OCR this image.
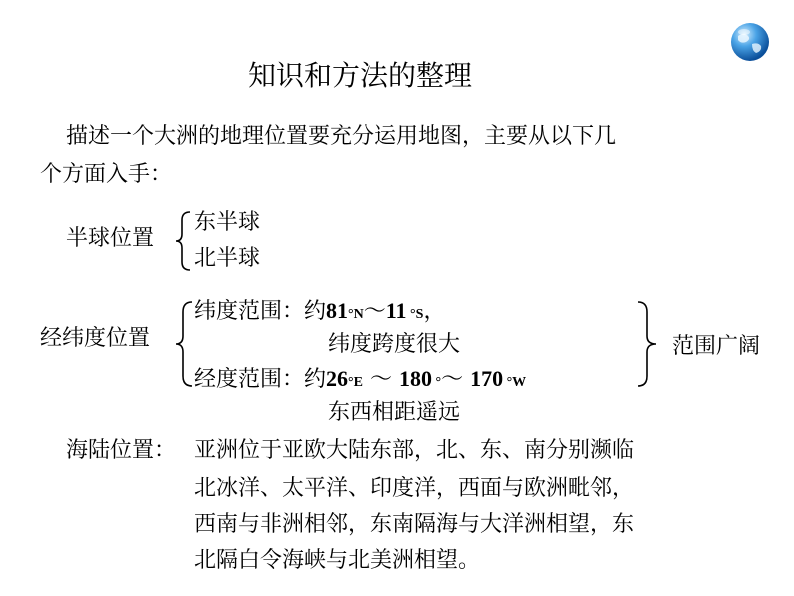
知识和方法的整理
描述一个大洲的地理位置要充分运用地图，主要从以下几
个方面入手：
半球位置
东半球
北半球
经纬度位置
纬度范围：约81°N～11 °S，
纬度跨度很大
经度范围：约26°E ～ 180 °～ 170 °W
东西相距遥远
范围广阔
海陆位置： 亚洲位于亚欧大陆东部，北、东、南分别濒临
北冰洋、太平洋、印度洋，西面与欧洲毗邻，
西南与非洲相邻，东南隔海与大洋洲相望，东
北隔白令海峡与北美洲相望。
